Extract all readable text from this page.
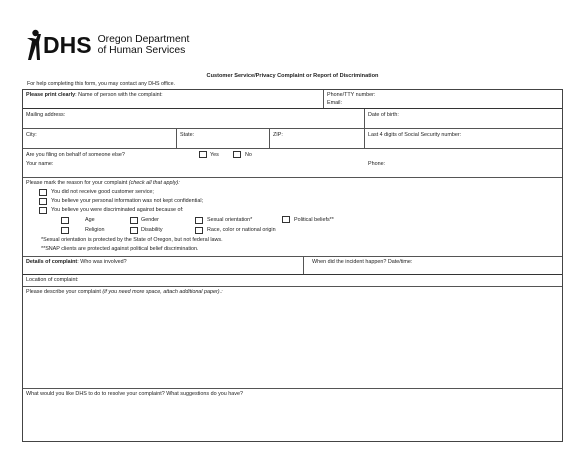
DHS Oregon Department
of Human Services
Customer Service/Privacy Complaint or Report of Discrimination
For help completing this form, you may contact any DHS office.
Please print clearly: Name of person with the complaint:	Phone/TTY number:
Email:
Mailing address:	Date of birth:
City:	State:	ZIP:	Last 4 digits of Social Security number:
Are you filing on behalf of someone else?	Yes	No
Your name:	Phone:
Please mark the reason for your complaint (check all that apply):
You did not receive good customer service;
You believe your personal information was not kept confidential;
You believe you were discriminated against because of:
Age	Gender	Sexual orientation*	Political beliefs**
Religion	Disability	Race, color or national origin
*Sexual orientation is protected by the State of Oregon, but not federal laws.
**SNAP clients are protected against political belief discrimination.
Details of complaint: Who was involved?	When did the incident happen? Date/time:
Location of complaint:
Please describe your complaint (if you need more space, attach additional paper).:
What would you like DHS to do to resolve your complaint? What suggestions do you have?
